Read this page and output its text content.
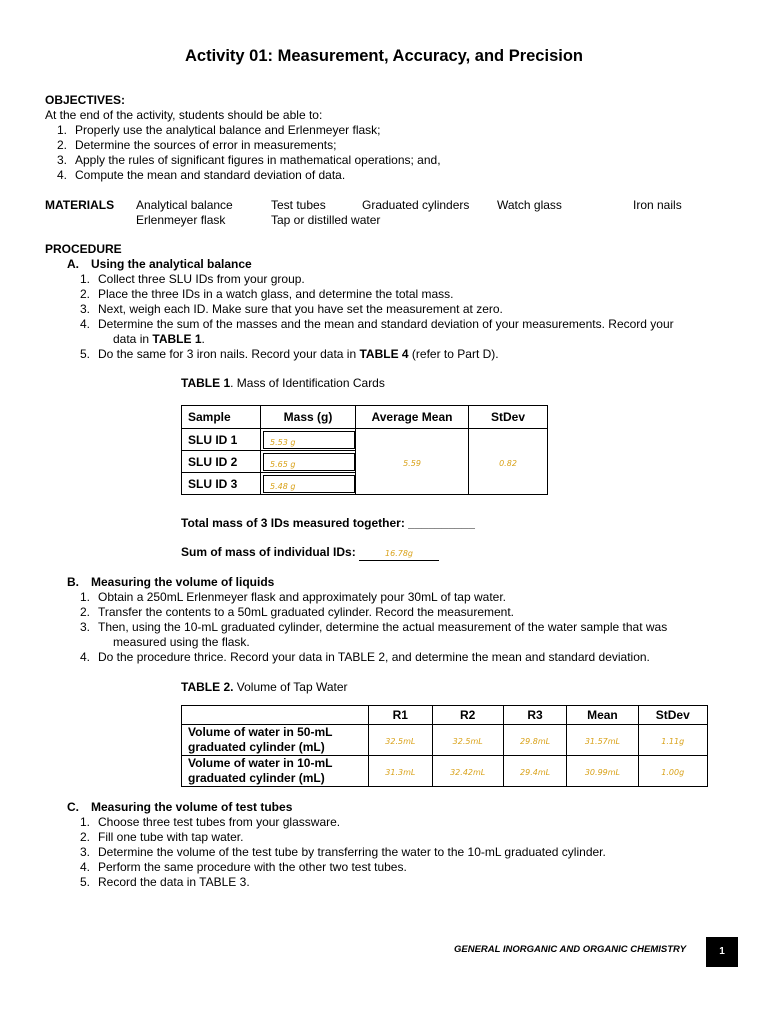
Activity 01: Measurement, Accuracy, and Precision
OBJECTIVES:
At the end of the activity, students should be able to:
1. Properly use the analytical balance and Erlenmeyer flask;
2. Determine the sources of error in measurements;
3. Apply the rules of significant figures in mathematical operations; and,
4. Compute the mean and standard deviation of data.
MATERIALS Analytical balance	Test tubes	Graduated cylinders Watch glass	Iron nails
Erlenmeyer flask	Tap or distilled water
PROCEDURE
A. Using the analytical balance
1. Collect three SLU IDs from your group.
2. Place the three IDs in a watch glass, and determine the total mass.
3. Next, weigh each ID. Make sure that you have set the measurement at zero.
4. Determine the sum of the masses and the mean and standard deviation of your measurements. Record your
data in TABLE 1.
5. Do the same for 3 iron nails. Record your data in TABLE 4 (refer to Part D).
TABLE 1. Mass of Identification Cards
Sample	Mass (g)	Average Mean	StDev
SLU ID 1	5.53 g	5.59	0.82
SLU ID 2	5.65 g		
SLU ID 3	5.48 g		
Total mass of 3 IDs measured together: __________
Sum of mass of individual IDs:	16.78g
B. Measuring the volume of liquids
1. Obtain a 250mL Erlenmeyer flask and approximately pour 30mL of tap water.
2. Transfer the contents to a 50mL graduated cylinder. Record the measurement.
3. Then, using the 10-mL graduated cylinder, determine the actual measurement of the water sample that was
measured using the flask.
4. Do the procedure thrice. Record your data in TABLE 2, and determine the mean and standard deviation.
TABLE 2. Volume of Tap Water
	R1	R2	R3	Mean	StDev
Volume of water in 50-mL
graduated cylinder (mL)	32.5mL	32.5mL	29.8mL	31.57mL	1.11g
Volume of water in 10-mL
graduated cylinder (mL)	31.3mL	32.42mL	29.4mL	30.99mL	1.00g
C. Measuring the volume of test tubes
1. Choose three test tubes from your glassware.
2. Fill one tube with tap water.
3. Determine the volume of the test tube by transferring the water to the 10-mL graduated cylinder.
4. Perform the same procedure with the other two test tubes.
5. Record the data in TABLE 3.
GENERAL INORGANIC AND ORGANIC CHEMISTRY	1
